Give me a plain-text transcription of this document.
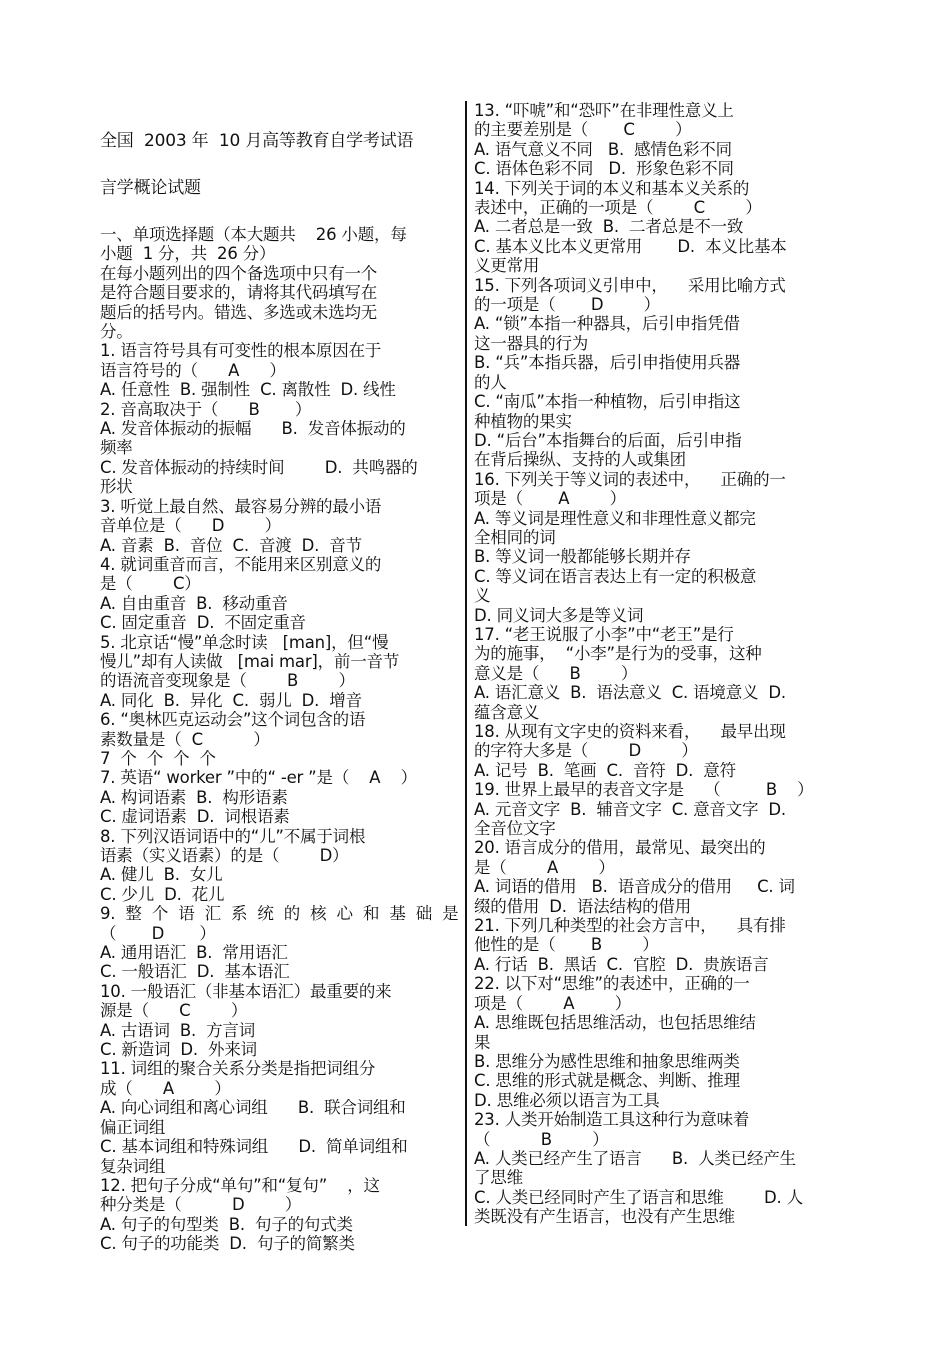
全国  2003 年  10 月高等教育自学考试语
言学概论试题
一、单项选择题（本大题共    26 小题，每
小题  1 分，共  26 分）
在每小题列出的四个备选项中只有一个
是符合题目要求的，请将其代码填写在
题后的括号内。错选、多选或未选均无
分。
1. 语言符号具有可变性的根本原因在于
语言符号的（      A      ）
A. 任意性  B. 强制性  C. 离散性  D. 线性
2. 音高取决于（      B       ）
A. 发音体振动的振幅      B.  发音体振动的
频率
C. 发音体振动的持续时间        D.  共鸣器的
形状
3. 听觉上最自然、最容易分辨的最小语
音单位是（      D        ）
A. 音素  B.  音位  C.  音渡  D.  音节
4. 就词重音而言，不能用来区别意义的
是（        C）
A. 自由重音  B.  移动重音
C. 固定重音  D.  不固定重音
5. 北京话“慢”单念时读   [man]，但“慢
慢儿”却有人读做   [mai mar]，前一音节
的语流音变现象是（        B        ）
A. 同化  B.  异化  C.  弱儿  D.  增音
6. “奥林匹克运动会”这个词包含的语
素数量是（  C          ）
7  个  个  个  个
7. 英语“ worker ”中的“ -er ”是（    A    ）
A. 构词语素  B.  构形语素
C. 虚词语素  D.  词根语素
8. 下列汉语词语中的“儿”不属于词根
语素（实义语素）的是（        D）
A. 健儿  B.  女儿
C. 少儿  D.  花儿
9.  整  个  语  汇  系  统  的  核  心  和  基  础  是
（       D       ）
A. 通用语汇  B.  常用语汇
C. 一般语汇  D.  基本语汇
10. 一般语汇（非基本语汇）最重要的来
源是（      C        ）
A. 古语词  B.  方言词
C. 新造词  D.  外来词
11. 词组的聚合关系分类是指把词组分
成（      A        ）
A. 向心词组和离心词组      B.  联合词组和
偏正词组
C. 基本词组和特殊词组      D.  简单词组和
复杂词组
12. 把句子分成“单句”和“复句”    ，这
种分类是（          D        ）
A. 句子的句型类  B.  句子的句式类
C. 句子的功能类  D.  句子的简繁类
13. “吓唬”和“恐吓”在非理性意义上
的主要差别是（       C        ）
A. 语气意义不同   B.  感情色彩不同
C. 语体色彩不同   D.  形象色彩不同
14. 下列关于词的本义和基本义关系的
表述中，正确的一项是（        C        ）
A. 二者总是一致  B.  二者总是不一致
C. 基本义比本义更常用       D.  本义比基本
义更常用
15. 下列各项词义引申中，    采用比喻方式
的一项是（       D        ）
A. “锁”本指一种器具，后引申指凭借
这一器具的行为
B. “兵”本指兵器，后引申指使用兵器
的人
C. “南瓜”本指一种植物，后引申指这
种植物的果实
D. “后台”本指舞台的后面，后引申指
在背后操纵、支持的人或集团
16. 下列关于等义词的表述中，    正确的一
项是（       A        ）
A. 等义词是理性意义和非理性意义都完
全相同的词
B. 等义词一般都能够长期并存
C. 等义词在语言表达上有一定的积极意
义
D. 同义词大多是等义词
17. “老王说服了小李”中“老王”是行
为的施事，  “小李”是行为的受事，这种
意义是（      B        ）
A. 语汇意义  B.  语法意义  C. 语境意义  D.
蕴含意义
18. 从现有文字史的资料来看，    最早出现
的字符大多是（        D        ）
A. 记号  B.  笔画  C.  音符  D.  意符
19. 世界上最早的表音文字是    （         B    ）
A. 元音文字  B.  辅音文字  C. 意音文字  D.
全音位文字
20. 语言成分的借用，最常见、最突出的
是（        A        ）
A. 词语的借用   B.  语音成分的借用     C. 词
缀的借用  D.  语法结构的借用
21. 下列几种类型的社会方言中，    具有排
他性的是（       B        ）
A. 行话  B.  黑话  C.  官腔  D.  贵族语言
22. 以下对“思维”的表述中，正确的一
项是（        A        ）
A. 思维既包括思维活动，也包括思维结
果
B. 思维分为感性思维和抽象思维两类
C. 思维的形式就是概念、判断、推理
D. 思维必须以语言为工具
23. 人类开始制造工具这种行为意味着
（          B        ）
A. 人类已经产生了语言      B.  人类已经产生
了思维
C. 人类已经同时产生了语言和思维        D. 人
类既没有产生语言，也没有产生思维
